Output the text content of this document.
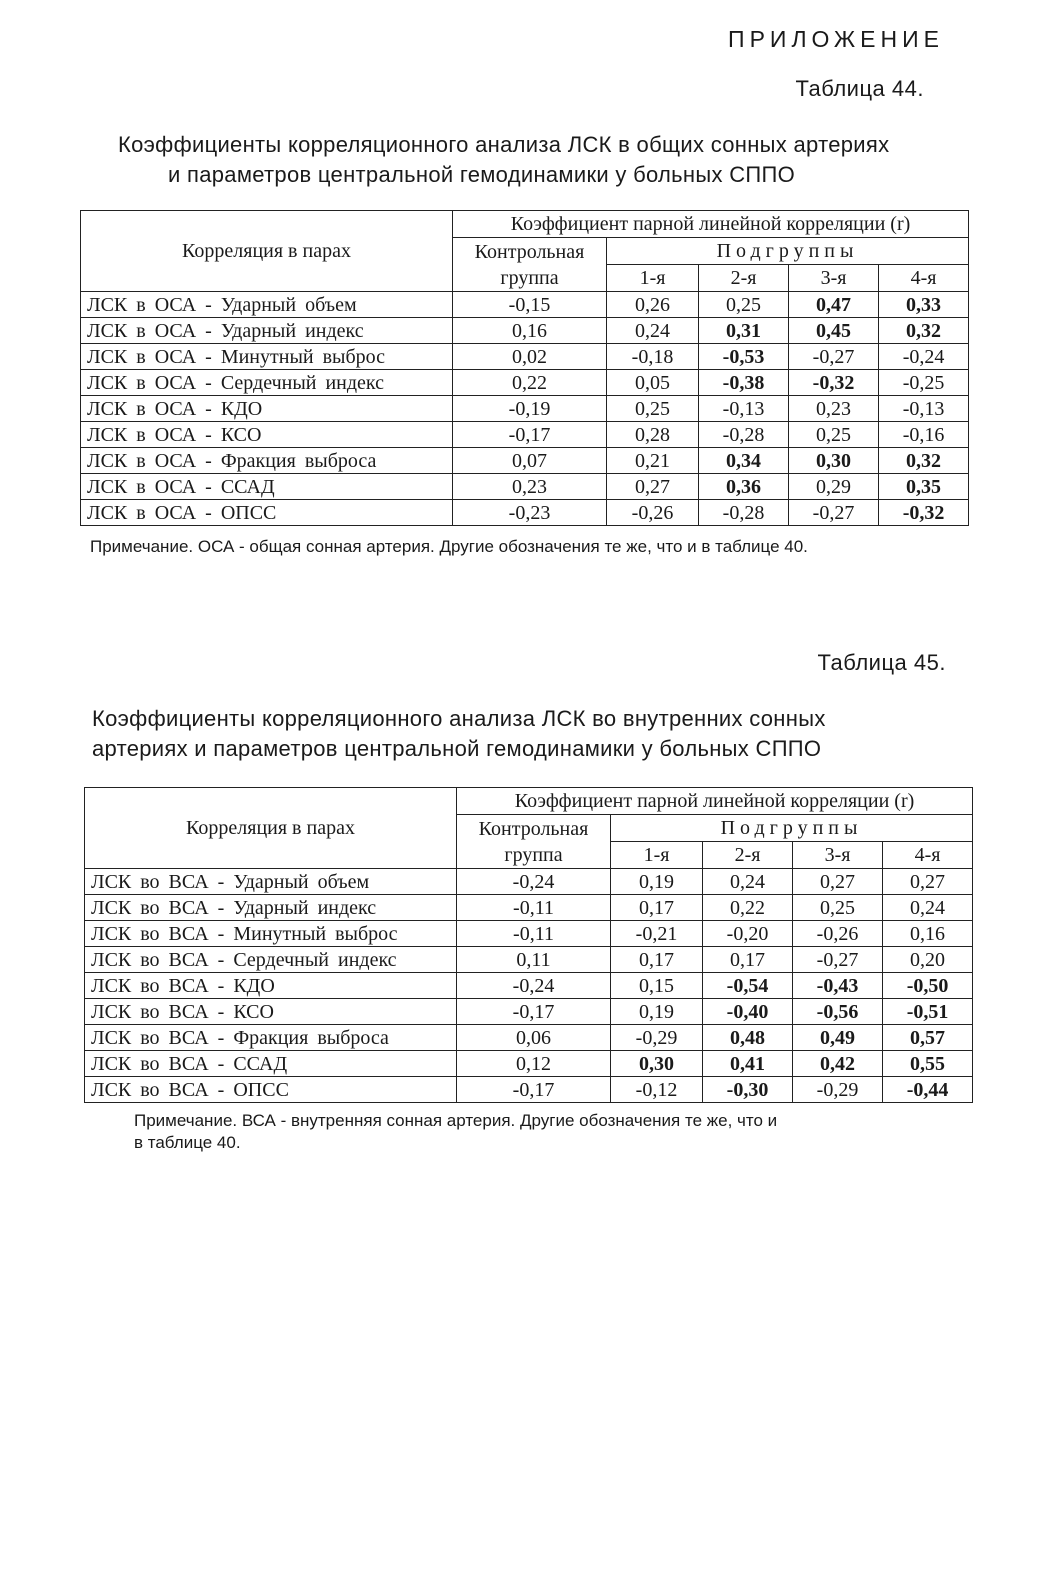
ПРИЛОЖЕНИЕ
Таблица 44.
Коэффициенты корреляционного анализа ЛСК в общих сонных артериях
и параметров центральной гемодинамики у больных СППО
Корреляция в парах	Коэффициент парной линейной корреляции (r)				
	Контрольная группа	Подгруппы			
		1-я	2-я	3-я	4-я
ЛСК в ОСА - Ударный объем	-0,15	0,26	0,25	0,47	0,33
ЛСК в ОСА - Ударный индекс	0,16	0,24	0,31	0,45	0,32
ЛСК в ОСА - Минутный выброс	0,02	-0,18	-0,53	-0,27	-0,24
ЛСК в ОСА - Сердечный индекс	0,22	0,05	-0,38	-0,32	-0,25
ЛСК в ОСА - КДО	-0,19	0,25	-0,13	0,23	-0,13
ЛСК в ОСА - КСО	-0,17	0,28	-0,28	0,25	-0,16
ЛСК в ОСА - Фракция выброса	0,07	0,21	0,34	0,30	0,32
ЛСК в ОСА - ССАД	0,23	0,27	0,36	0,29	0,35
ЛСК в ОСА - ОПСС	-0,23	-0,26	-0,28	-0,27	-0,32
Примечание. ОСА - общая сонная артерия. Другие обозначения те же, что и в таблице 40.
Таблица 45.
Коэффициенты корреляционного анализа ЛСК во внутренних сонных
артериях и параметров центральной гемодинамики у больных СППО
Корреляция в парах	Коэффициент парной линейной корреляции (r)				
	Контрольная группа	Подгруппы			
		1-я	2-я	3-я	4-я
ЛСК во ВСА - Ударный объем	-0,24	0,19	0,24	0,27	0,27
ЛСК во ВСА - Ударный индекс	-0,11	0,17	0,22	0,25	0,24
ЛСК во ВСА - Минутный выброс	-0,11	-0,21	-0,20	-0,26	0,16
ЛСК во ВСА - Сердечный индекс	0,11	0,17	0,17	-0,27	0,20
ЛСК во ВСА - КДО	-0,24	0,15	-0,54	-0,43	-0,50
ЛСК во ВСА - КСО	-0,17	0,19	-0,40	-0,56	-0,51
ЛСК во ВСА - Фракция выброса	0,06	-0,29	0,48	0,49	0,57
ЛСК во ВСА - ССАД	0,12	0,30	0,41	0,42	0,55
ЛСК во ВСА - ОПСС	-0,17	-0,12	-0,30	-0,29	-0,44
Примечание. ВСА - внутренняя сонная артерия. Другие обозначения те же, что и
в таблице 40.
